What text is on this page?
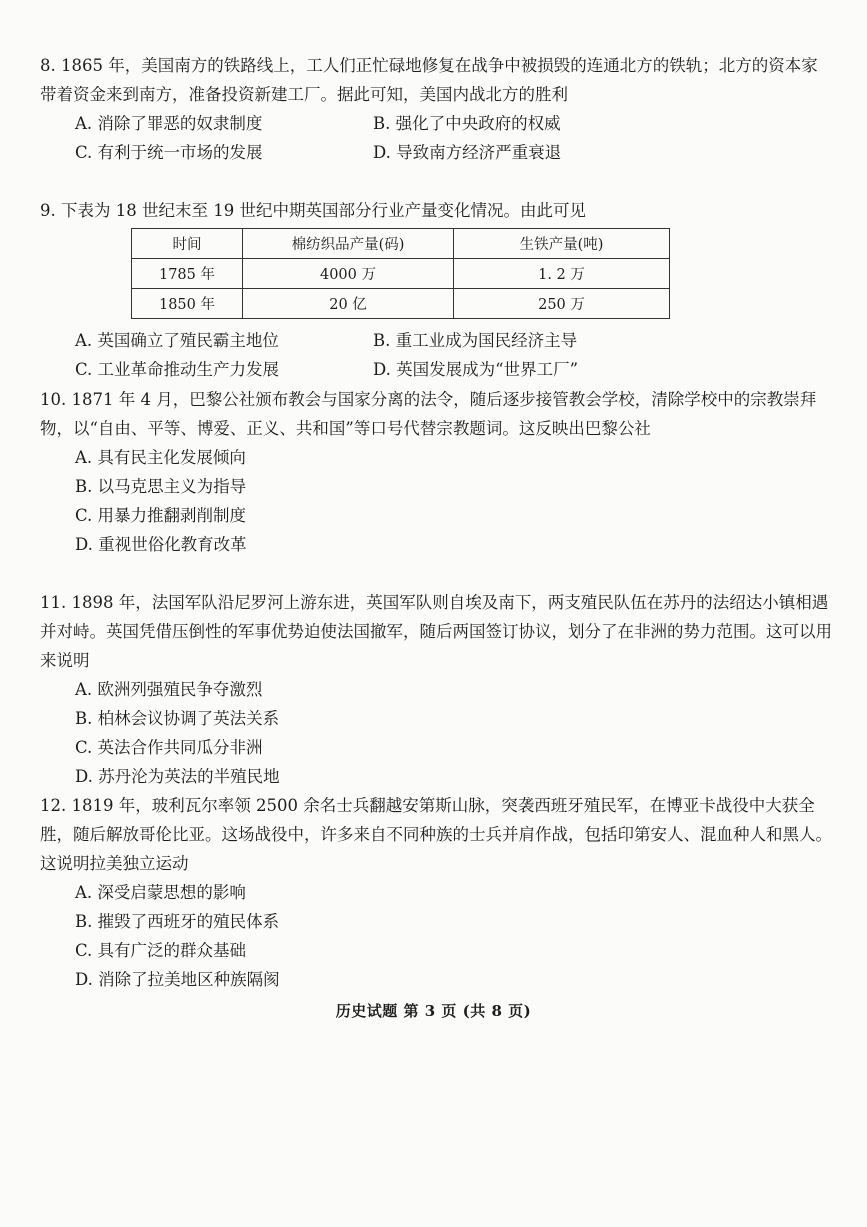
8. 1865 年，美国南方的铁路线上，工人们正忙碌地修复在战争中被损毁的连通北方的铁轨；北方的资本家带着资金来到南方，准备投资新建工厂。据此可知，美国内战北方的胜利

A. 消除了罪恶的奴隶制度	B. 强化了中央政府的权威
C. 有利于统一市场的发展	D. 导致南方经济严重衰退

9. 下表为 18 世纪末至 19 世纪中期英国部分行业产量变化情况。由此可见

时间	棉纺织品产量(码)	生铁产量(吨)
1785 年	4000 万	1. 2 万
1850 年	20 亿	250 万
A. 英国确立了殖民霸主地位	B. 重工业成为国民经济主导
C. 工业革命推动生产力发展	D. 英国发展成为“世界工厂”

10. 1871 年 4 月，巴黎公社颁布教会与国家分离的法令，随后逐步接管教会学校，清除学校中的宗教崇拜物，以“自由、平等、博爱、正义、共和国”等口号代替宗教题词。这反映出巴黎公社

A. 具有民主化发展倾向
B. 以马克思主义为指导
C. 用暴力推翻剥削制度
D. 重视世俗化教育改革

11. 1898 年，法国军队沿尼罗河上游东进，英国军队则自埃及南下，两支殖民队伍在苏丹的法绍达小镇相遇并对峙。英国凭借压倒性的军事优势迫使法国撤军，随后两国签订协议，划分了在非洲的势力范围。这可以用来说明

A. 欧洲列强殖民争夺激烈
B. 柏林会议协调了英法关系
C. 英法合作共同瓜分非洲
D. 苏丹沦为英法的半殖民地

12. 1819 年，玻利瓦尔率领 2500 余名士兵翻越安第斯山脉，突袭西班牙殖民军，在博亚卡战役中大获全胜，随后解放哥伦比亚。这场战役中，许多来自不同种族的士兵并肩作战，包括印第安人、混血种人和黑人。这说明拉美独立运动

A. 深受启蒙思想的影响
B. 摧毁了西班牙的殖民体系
C. 具有广泛的群众基础
D. 消除了拉美地区种族隔阂
历史试题 第 3 页 (共 8 页)
